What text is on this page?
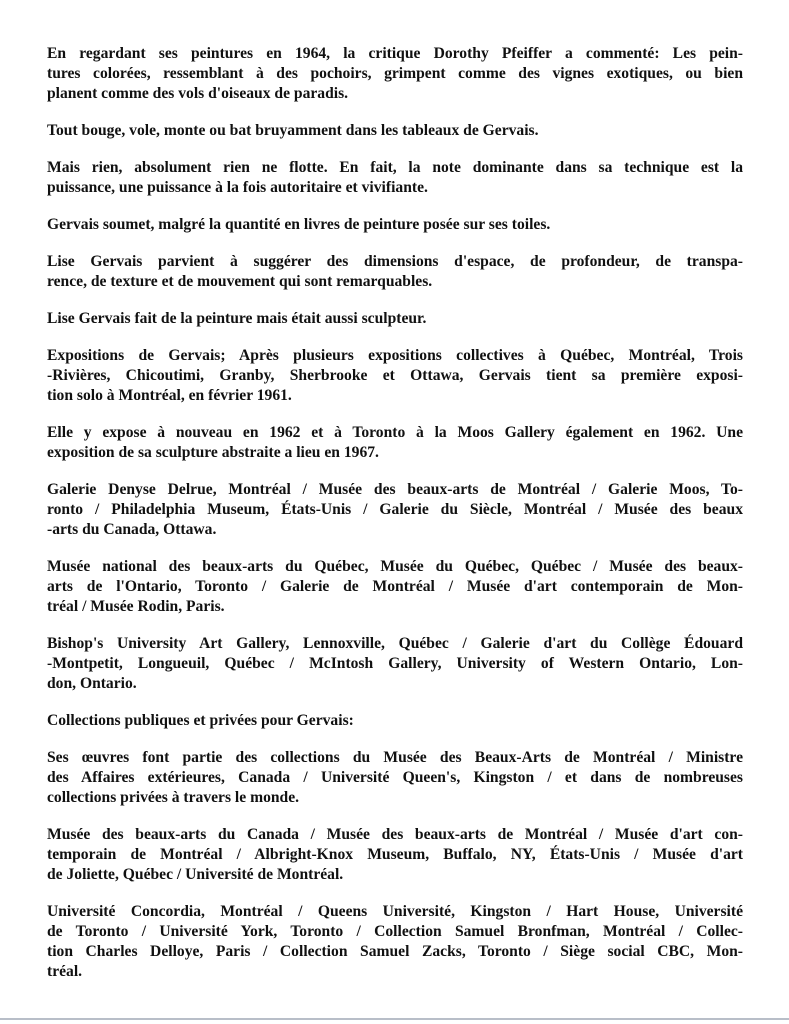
En regardant ses peintures en 1964, la critique Dorothy Pfeiffer a commenté: Les pein-
tures colorées, ressemblant à des pochoirs, grimpent comme des vignes exotiques, ou bien
planent comme des vols d'oiseaux de paradis.

Tout bouge, vole, monte ou bat bruyamment dans les tableaux de Gervais.

Mais rien, absolument rien ne flotte. En fait, la note dominante dans sa technique est la
puissance, une puissance à la fois autoritaire et vivifiante.

Gervais soumet, malgré la quantité en livres de peinture posée sur ses toiles.

Lise Gervais parvient à suggérer des dimensions d'espace, de profondeur, de transpa-
rence, de texture et de mouvement qui sont remarquables.

Lise Gervais fait de la peinture mais était aussi sculpteur.

Expositions de Gervais; Après plusieurs expositions collectives à Québec, Montréal, Trois
-Rivières, Chicoutimi, Granby, Sherbrooke et Ottawa, Gervais tient sa première exposi-
tion solo à Montréal, en février 1961.

Elle y expose à nouveau en 1962 et à Toronto à la Moos Gallery également en 1962. Une
exposition de sa sculpture abstraite a lieu en 1967.

Galerie Denyse Delrue, Montréal / Musée des beaux-arts de Montréal / Galerie Moos, To-
ronto / Philadelphia Museum, États-Unis / Galerie du Siècle, Montréal / Musée des beaux
-arts du Canada, Ottawa.

Musée national des beaux-arts du Québec, Musée du Québec, Québec / Musée des beaux-
arts de l'Ontario, Toronto / Galerie de Montréal / Musée d'art contemporain de Mon-
tréal / Musée Rodin, Paris.

Bishop's University Art Gallery, Lennoxville, Québec / Galerie d'art du Collège Édouard
-Montpetit, Longueuil, Québec / McIntosh Gallery, University of Western Ontario, Lon-
don, Ontario.

Collections publiques et privées pour Gervais:

Ses œuvres font partie des collections du Musée des Beaux-Arts de Montréal / Ministre
des Affaires extérieures, Canada / Université Queen's, Kingston / et dans de nombreuses
collections privées à travers le monde.

Musée des beaux-arts du Canada / Musée des beaux-arts de Montréal / Musée d'art con-
temporain de Montréal / Albright-Knox Museum, Buffalo, NY, États-Unis / Musée d'art
de Joliette, Québec / Université de Montréal.

Université Concordia, Montréal / Queens Université, Kingston / Hart House, Université
de Toronto / Université York, Toronto / Collection Samuel Bronfman, Montréal / Collec-
tion Charles Delloye, Paris / Collection Samuel Zacks, Toronto / Siège social CBC, Mon-
tréal.
